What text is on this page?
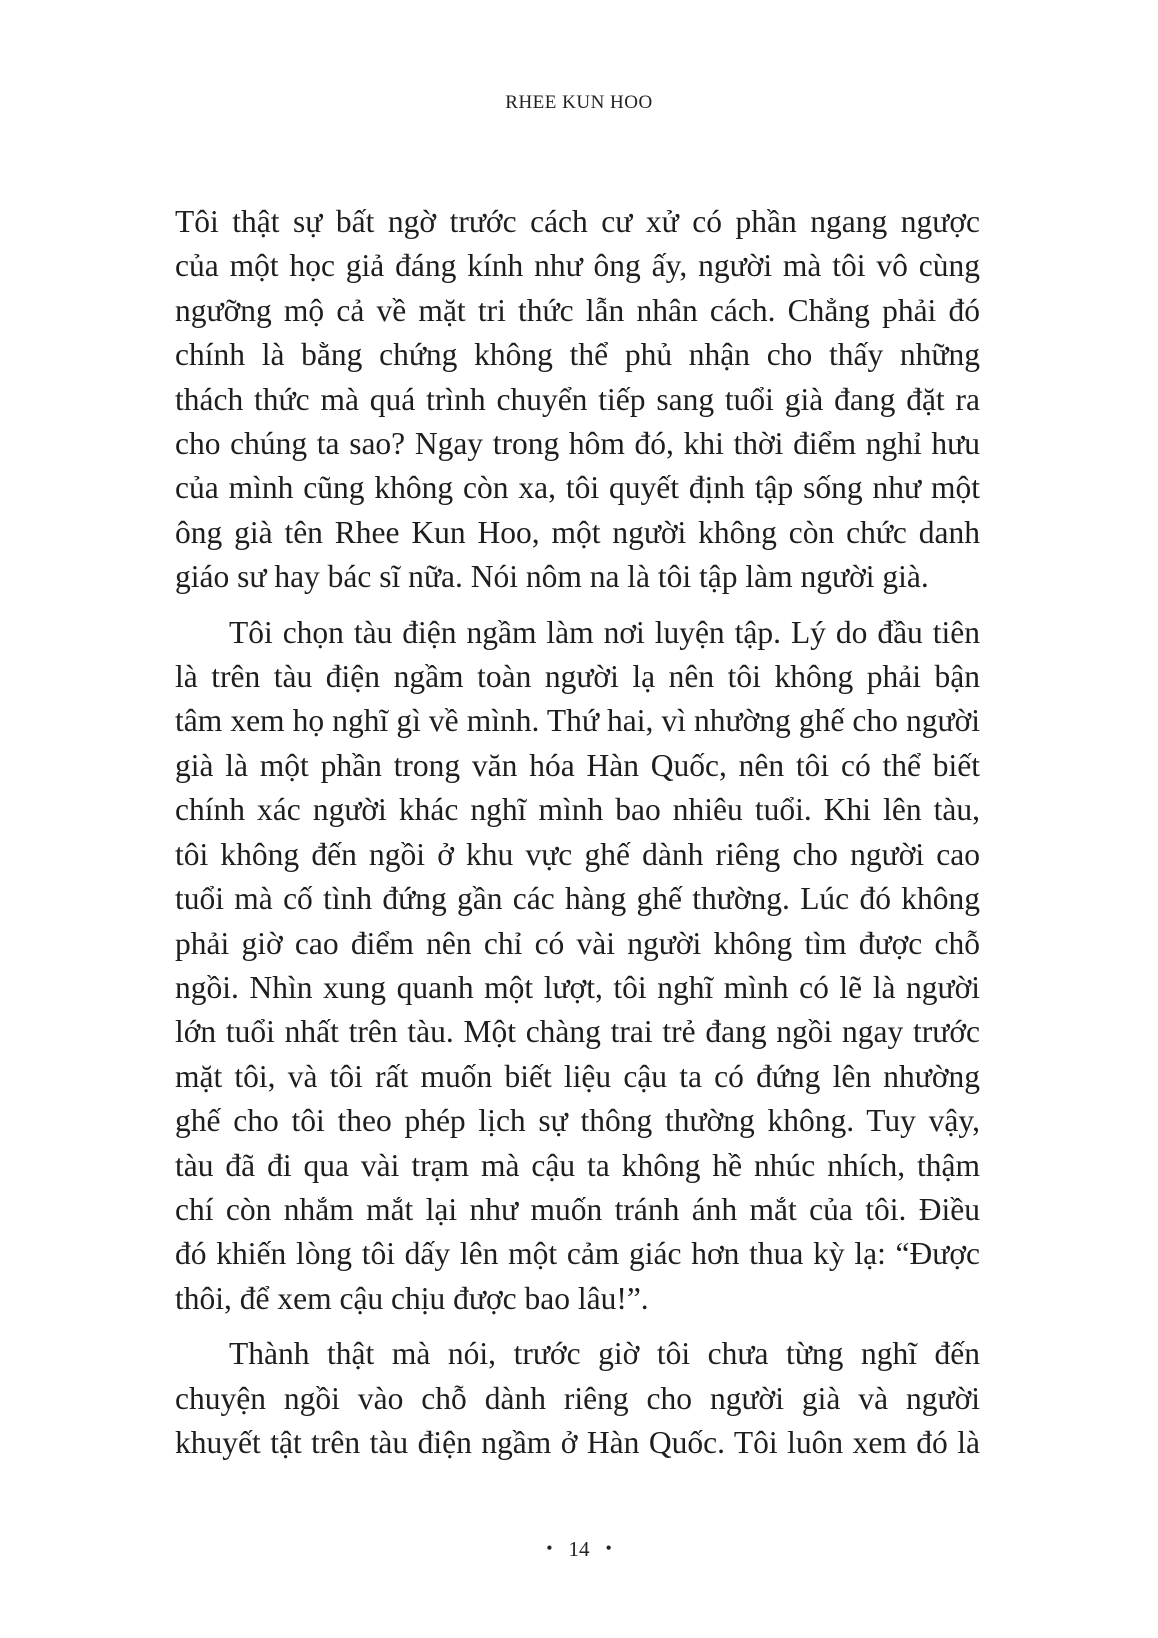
RHEE KUN HOO

Tôi thật sự bất ngờ trước cách cư xử có phần ngang ngược
của một học giả đáng kính như ông ấy, người mà tôi vô cùng
ngưỡng mộ cả về mặt tri thức lẫn nhân cách. Chẳng phải đó
chính là bằng chứng không thể phủ nhận cho thấy những
thách thức mà quá trình chuyển tiếp sang tuổi già đang đặt ra
cho chúng ta sao? Ngay trong hôm đó, khi thời điểm nghỉ hưu
của mình cũng không còn xa, tôi quyết định tập sống như một
ông già tên Rhee Kun Hoo, một người không còn chức danh
giáo sư hay bác sĩ nữa. Nói nôm na là tôi tập làm người già.

Tôi chọn tàu điện ngầm làm nơi luyện tập. Lý do đầu tiên
là trên tàu điện ngầm toàn người lạ nên tôi không phải bận
tâm xem họ nghĩ gì về mình. Thứ hai, vì nhường ghế cho người
già là một phần trong văn hóa Hàn Quốc, nên tôi có thể biết
chính xác người khác nghĩ mình bao nhiêu tuổi. Khi lên tàu,
tôi không đến ngồi ở khu vực ghế dành riêng cho người cao
tuổi mà cố tình đứng gần các hàng ghế thường. Lúc đó không
phải giờ cao điểm nên chỉ có vài người không tìm được chỗ
ngồi. Nhìn xung quanh một lượt, tôi nghĩ mình có lẽ là người
lớn tuổi nhất trên tàu. Một chàng trai trẻ đang ngồi ngay trước
mặt tôi, và tôi rất muốn biết liệu cậu ta có đứng lên nhường
ghế cho tôi theo phép lịch sự thông thường không. Tuy vậy,
tàu đã đi qua vài trạm mà cậu ta không hề nhúc nhích, thậm
chí còn nhắm mắt lại như muốn tránh ánh mắt của tôi. Điều
đó khiến lòng tôi dấy lên một cảm giác hơn thua kỳ lạ: “Được
thôi, để xem cậu chịu được bao lâu!”.

Thành thật mà nói, trước giờ tôi chưa từng nghĩ đến
chuyện ngồi vào chỗ dành riêng cho người già và người
khuyết tật trên tàu điện ngầm ở Hàn Quốc. Tôi luôn xem đó là

• 14 •
